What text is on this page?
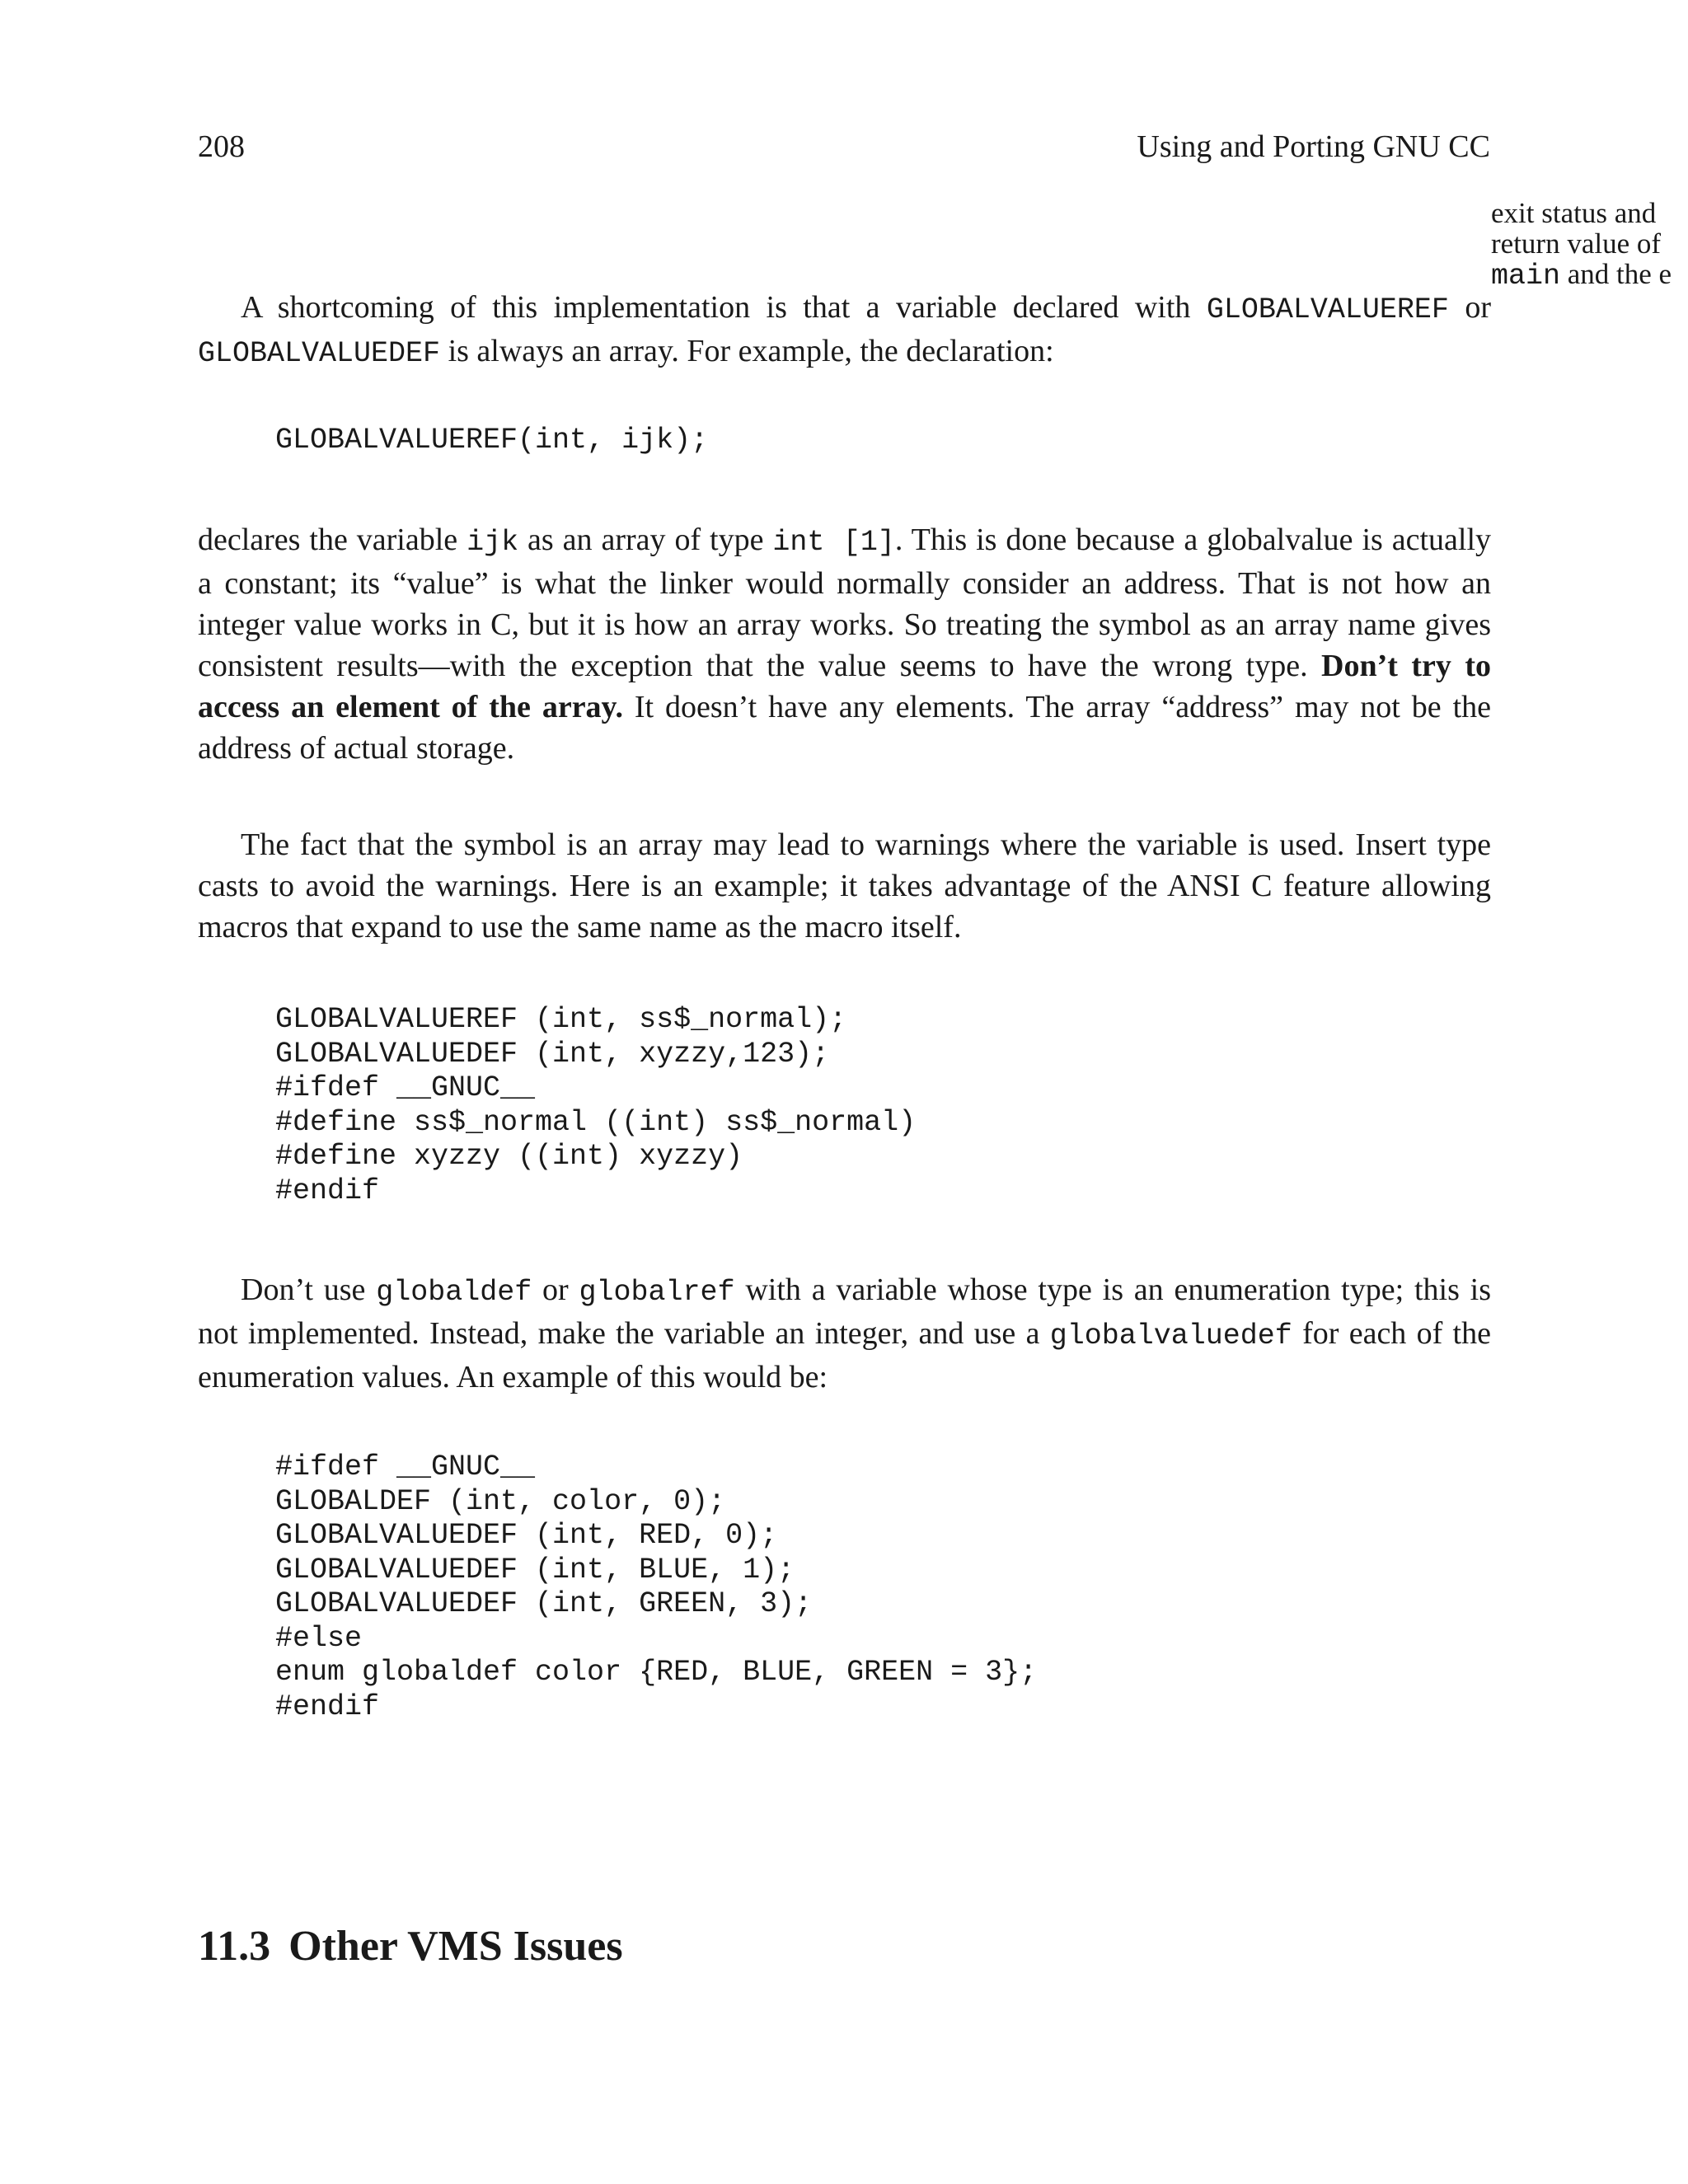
208	Using and Porting GNU CC
exit status and
return value of
main and the e

A shortcoming of this implementation is that a variable declared with GLOBALVALUEREF or GLOBALVALUEDEF is always an array. For example, the declaration:

GLOBALVALUEREF(int, ijk);

declares the variable ijk as an array of type int [1]. This is done because a globalvalue is actually a constant; its “value” is what the linker would normally consider an address. That is not how an integer value works in C, but it is how an array works. So treating the symbol as an array name gives consistent results—with the exception that the value seems to have the wrong type. Don’t try to access an element of the array. It doesn’t have any elements. The array “address” may not be the address of actual storage.

The fact that the symbol is an array may lead to warnings where the variable is used. Insert type casts to avoid the warnings. Here is an example; it takes advantage of the ANSI C feature allowing macros that expand to use the same name as the macro itself.

GLOBALVALUEREF (int, ss$_normal);
GLOBALVALUEDEF (int, xyzzy,123);
#ifdef __GNUC__
#define ss$_normal ((int) ss$_normal)
#define xyzzy ((int) xyzzy)
#endif

Don’t use globaldef or globalref with a variable whose type is an enumeration type; this is not implemented. Instead, make the variable an integer, and use a globalvaluedef for each of the enumeration values. An example of this would be:

#ifdef __GNUC__
GLOBALDEF (int, color, 0);
GLOBALVALUEDEF (int, RED, 0);
GLOBALVALUEDEF (int, BLUE, 1);
GLOBALVALUEDEF (int, GREEN, 3);
#else
enum globaldef color {RED, BLUE, GREEN = 3};
#endif
11.3 Other VMS Issues
